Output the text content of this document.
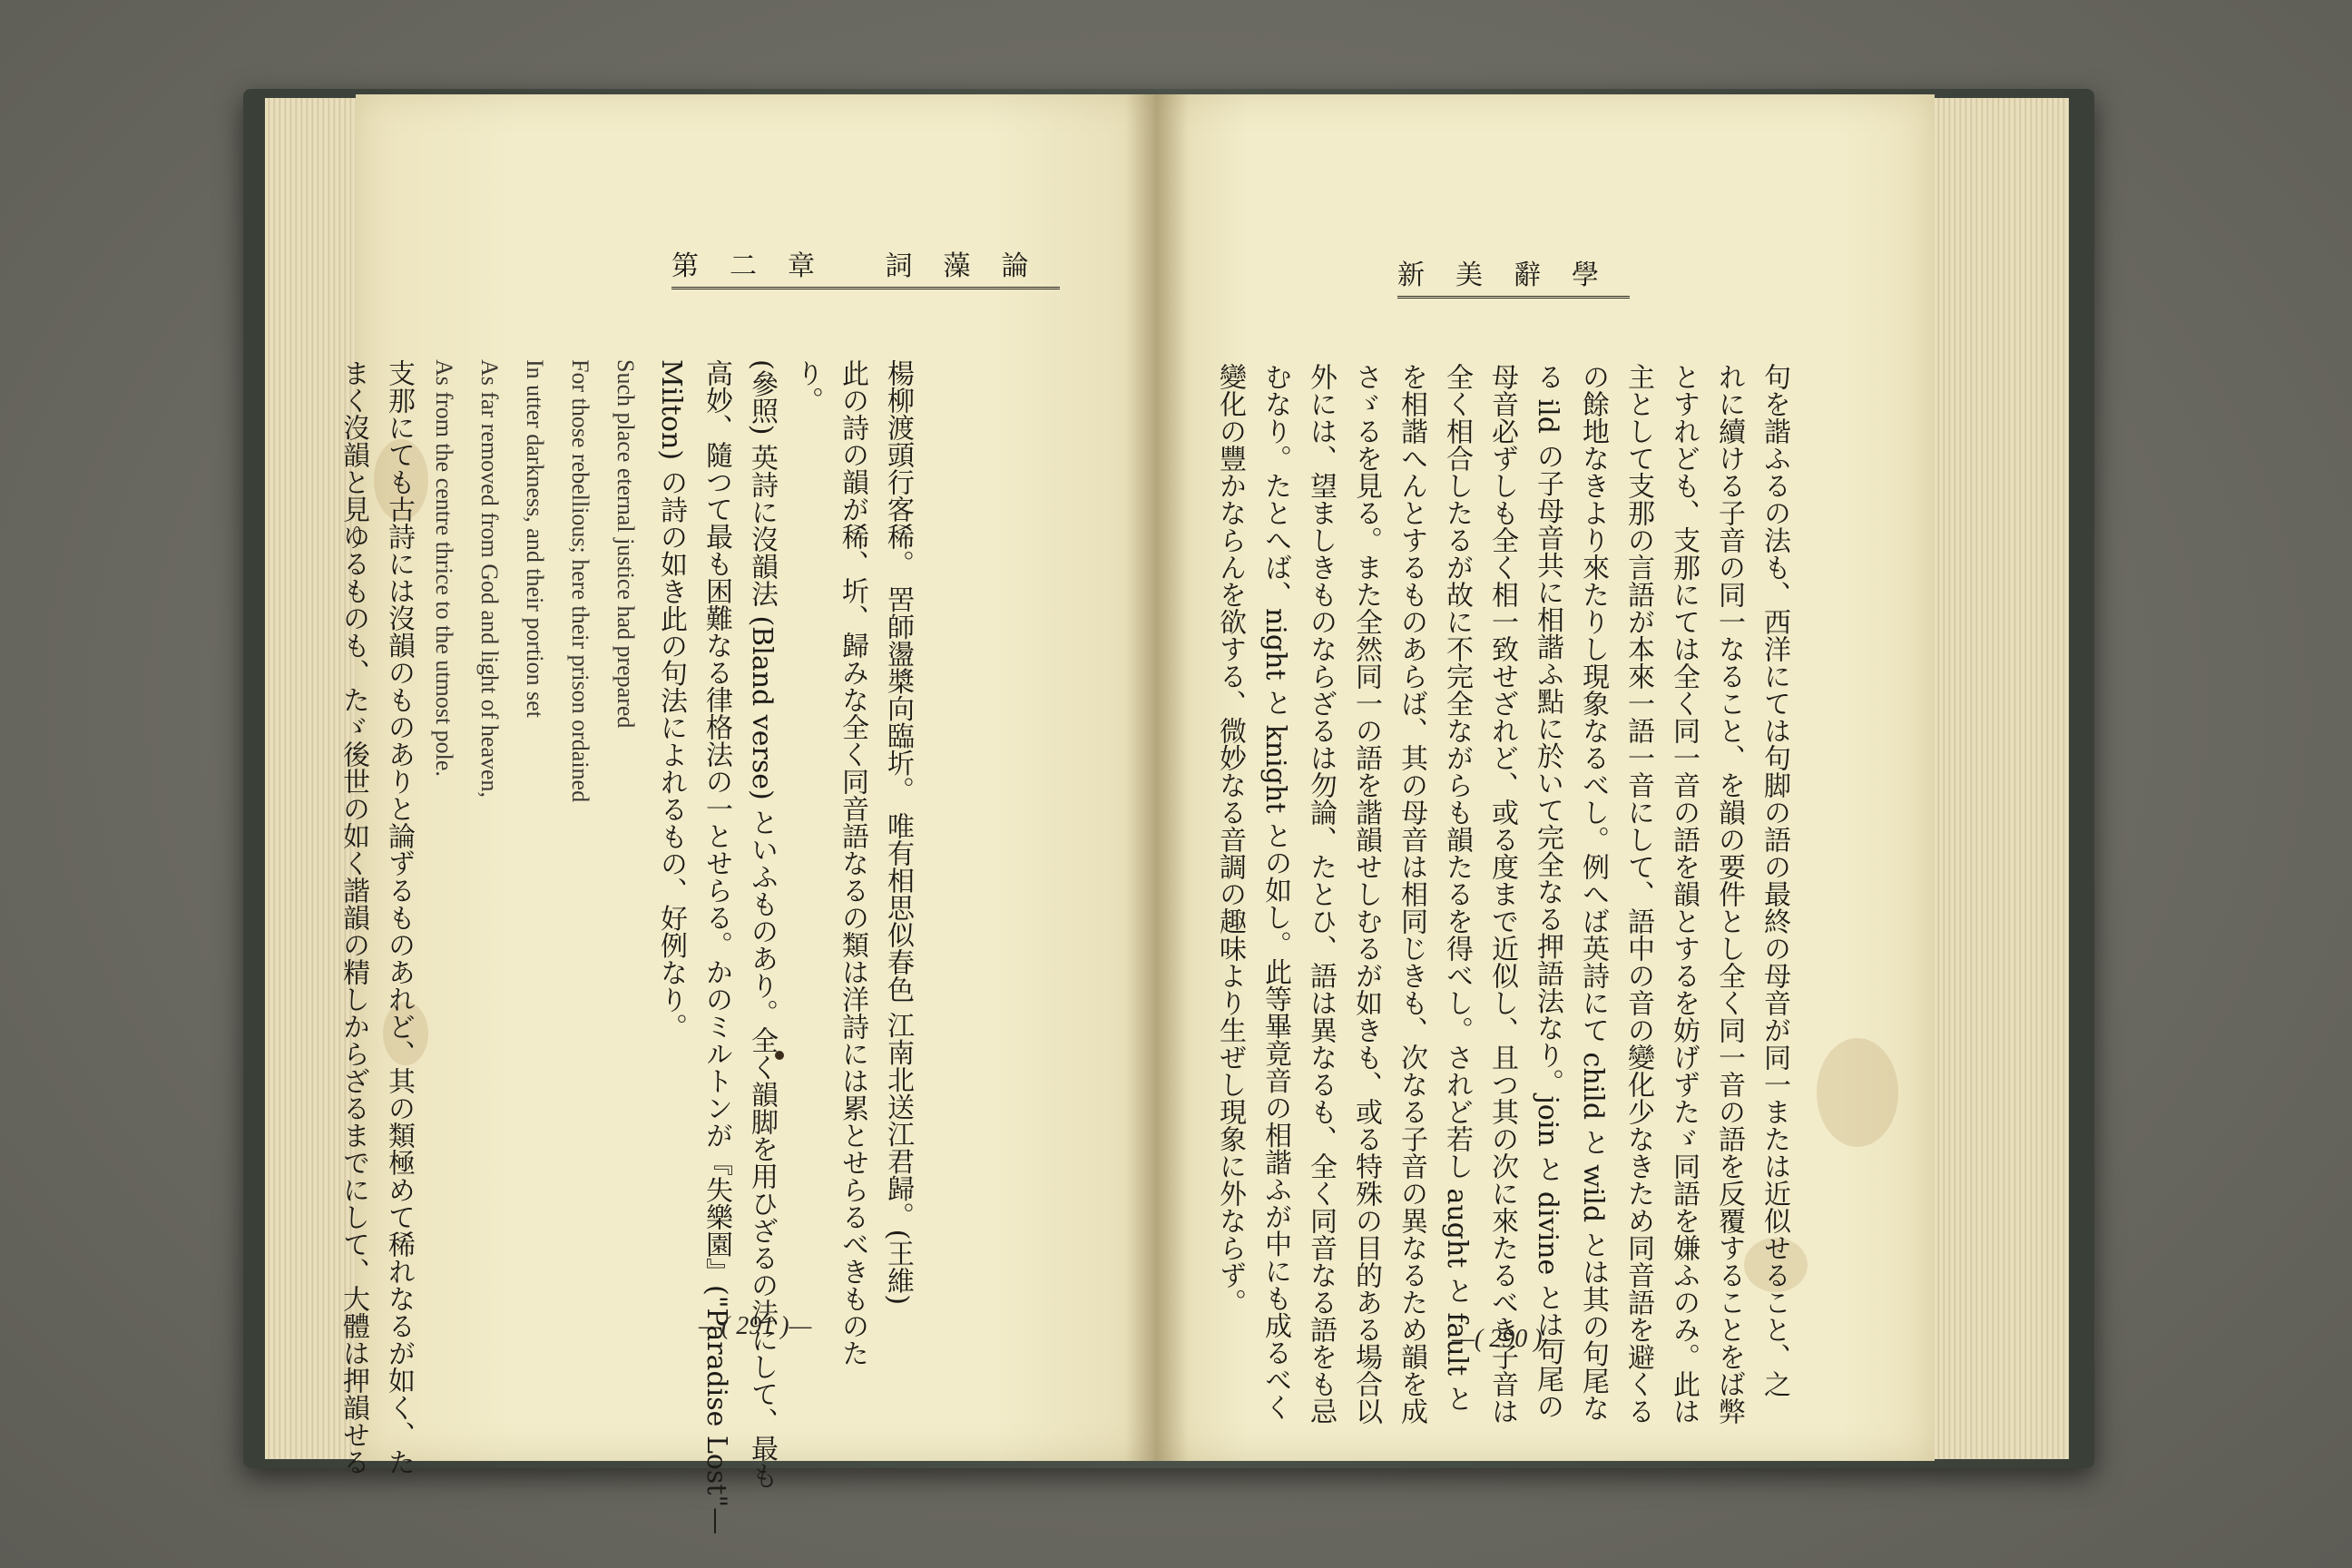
第二章 詞藻論
楊柳渡頭行客稀。 罟師盪槳向臨圻。 唯有相思似春色 江南北送江君歸。(王維)
此の詩の韻が稀、圻、歸みな全く同音語なるの類は洋詩には累とせらるべきものた
り。
(參照) 英詩に沒韻法 (Bland verse) といふものあり。全く韻脚を用ひざるの法にして、最も
高妙、隨つて最も困難なる律格法の一とせらる。かのミルトンが『失樂園』("Paradise Lost"—
Milton) の詩の如き此の句法によれるもの、好例なり。
Such place eternal justice had prepared
For those rebellious; here their prison ordained
In utter darkness, and their portion set
As far removed from God and light of heaven,
As from the centre thrice to the utmost pole.
支那にても古詩には沒韻のものありと論ずるものあれど、其の類極めて稀れなるが如く、た
まく沒韻と見ゆるものも、たゞ後世の如く諧韻の精しからざるまでにして、大體は押韻せる	—( 291 )—
新美辭學
句を諧ふるの法も、西洋にては句脚の語の最終の母音が同一または近似せること、之
れに續ける子音の同一なること、を韻の要件とし全く同一音の語を反覆することをば弊
とすれども、支那にては全く同一音の語を韻とするを妨げずたゞ同語を嫌ふのみ。此は
主として支那の言語が本來一語一音にして、語中の音の變化少なきため同音語を避くる
の餘地なきより來たりし現象なるべし。例へば英詩にて child と wild とは其の句尾な
る ild の子母音共に相諧ふ點に於いて完全なる押語法なり。join と divine とは句尾の
母音必ずしも全く相一致せざれど、或る度まで近似し、且つ其の次に來たるべき子音は
全く相合したるが故に不完全ながらも韻たるを得べし。されど若し aught と fault と
を相諧へんとするものあらば、其の母音は相同じきも、次なる子音の異なるため韻を成
さゞるを見る。また全然同一の語を諧韻せしむるが如きも、或る特殊の目的ある場合以
外には、望ましきものならざるは勿論、たとひ、語は異なるも、全く同音なる語をも忌
むなり。たとへば、night と knight との如し。此等畢竟音の相諧ふが中にも成るべく
變化の豐かならんを欲する、微妙なる音調の趣味より生ぜし現象に外ならず。
—( 290 )—
